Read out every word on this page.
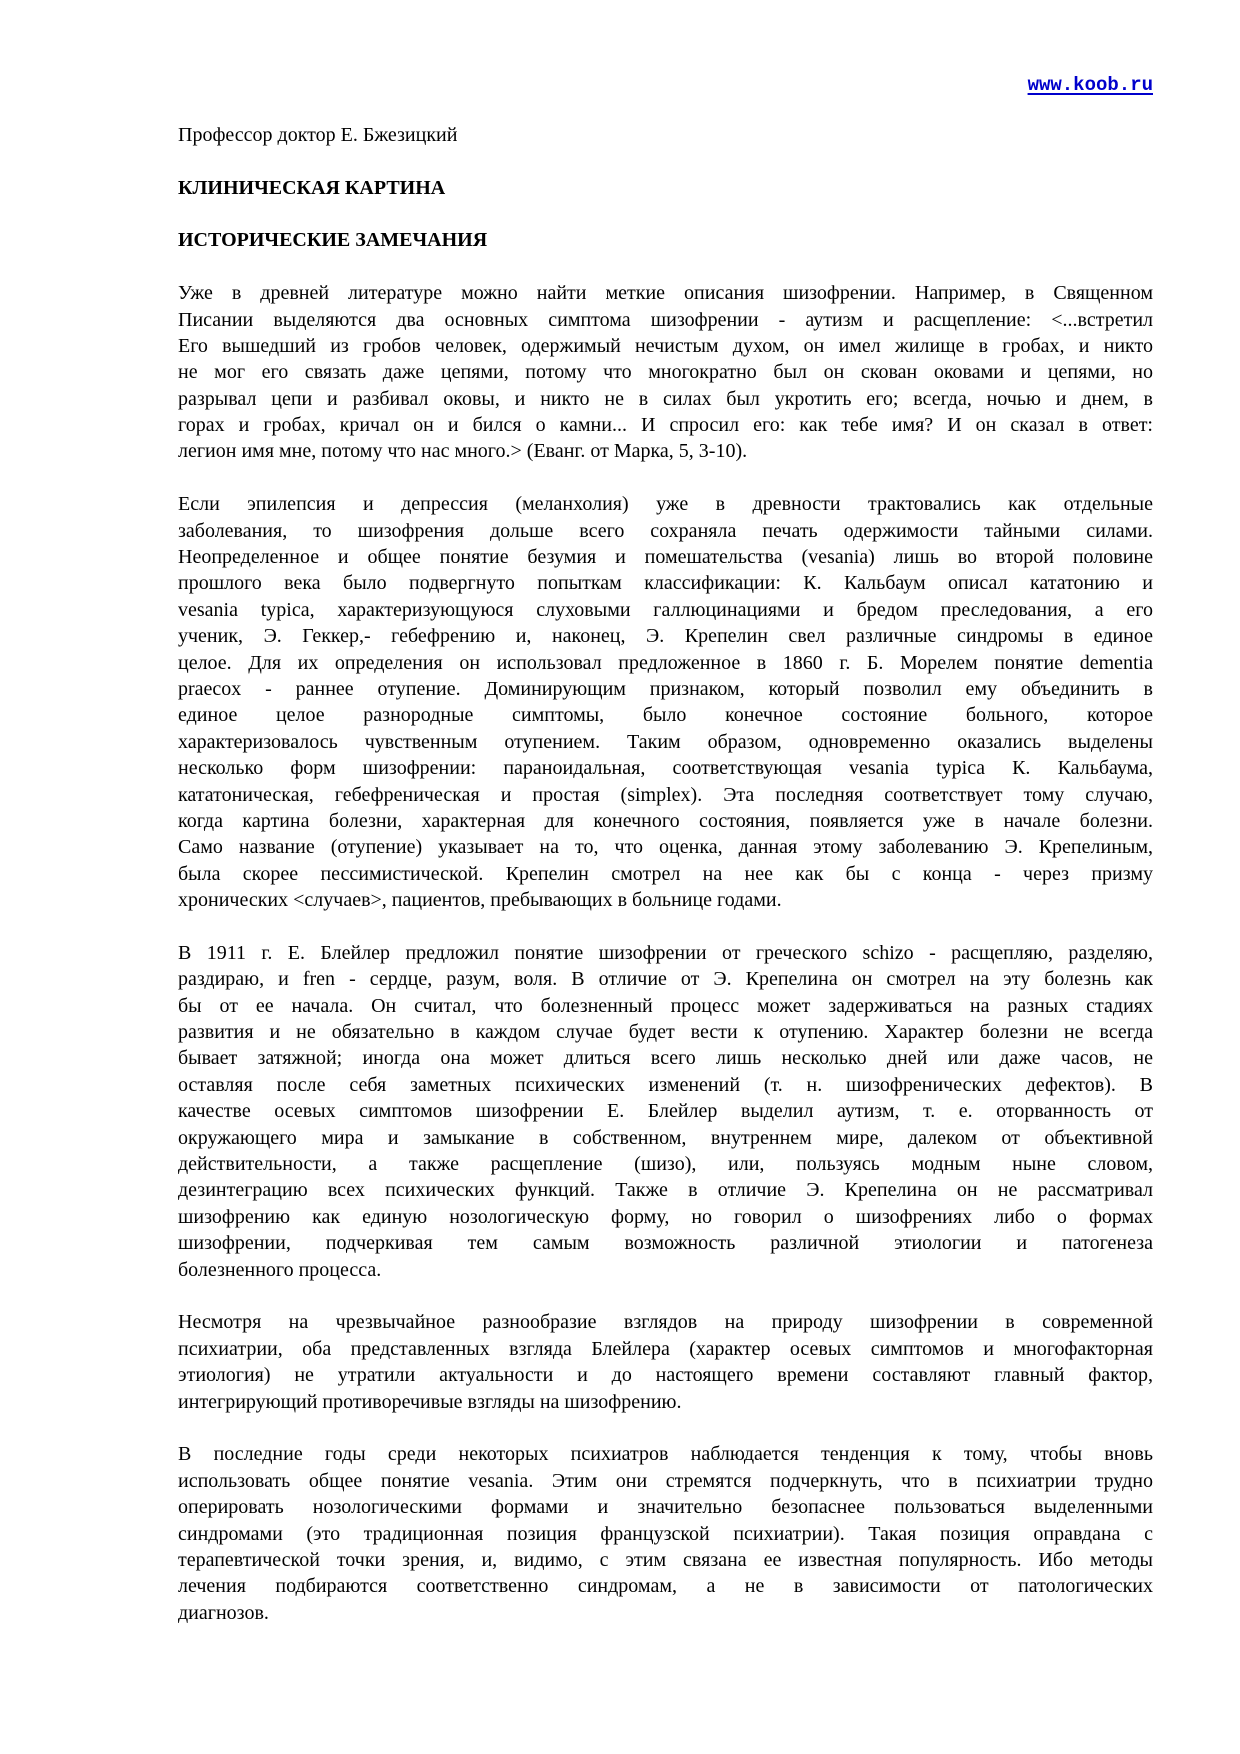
www.koob.ru
Профессор доктор Е. Бжезицкий
КЛИНИЧЕСКАЯ КАРТИНА
ИСТОРИЧЕСКИЕ ЗАМЕЧАНИЯ
Уже в древней литературе можно найти меткие описания шизофрении. Например, в Священном
Писании выделяются два основных симптома шизофрении - аутизм и расщепление: <...встретил
Его вышедший из гробов человек, одержимый нечистым духом, он имел жилище в гробах, и никто
не мог его связать даже цепями, потому что многократно был он скован оковами и цепями, но
разрывал цепи и разбивал оковы, и никто не в силах был укротить его; всегда, ночью и днем, в
горах и гробах, кричал он и бился о камни... И спросил его: как тебе имя? И он сказал в ответ:
легион имя мне, потому что нас много.> (Еванг. от Марка, 5, 3-10).
Если эпилепсия и депрессия (меланхолия) уже в древности трактовались как отдельные
заболевания, то шизофрения дольше всего сохраняла печать одержимости тайными силами.
Неопределенное и общее понятие безумия и помешательства (vesania) лишь во второй половине
прошлого века было подвергнуто попыткам классификации: К. Кальбаум описал кататонию и
vesania typica, характеризующуюся слуховыми галлюцинациями и бредом преследования, а его
ученик, Э. Геккер,- гебефрению и, наконец, Э. Крепелин свел различные синдромы в единое
целое. Для их определения он использовал предложенное в 1860 г. Б. Морелем понятие dementia
praecox - раннее отупение. Доминирующим признаком, который позволил ему объединить в
единое целое разнородные симптомы, было конечное состояние больного, которое
характеризовалось чувственным отупением. Таким образом, одновременно оказались выделены
несколько форм шизофрении: параноидальная, соответствующая vesania typica К. Кальбаума,
кататоническая, гебефреническая и простая (simplex). Эта последняя соответствует тому случаю,
когда картина болезни, характерная для конечного состояния, появляется уже в начале болезни.
Само название (отупение) указывает на то, что оценка, данная этому заболеванию Э. Крепелиным,
была скорее пессимистической. Крепелин смотрел на нее как бы с конца - через призму
хронических <случаев>, пациентов, пребывающих в больнице годами.
В 1911 г. Е. Блейлер предложил понятие шизофрении от греческого schizo - расщепляю, разделяю,
раздираю, и fren - сердце, разум, воля. В отличие от Э. Крепелина он смотрел на эту болезнь как
бы от ее начала. Он считал, что болезненный процесс может задерживаться на разных стадиях
развития и не обязательно в каждом случае будет вести к отупению. Характер болезни не всегда
бывает затяжной; иногда она может длиться всего лишь несколько дней или даже часов, не
оставляя после себя заметных психических изменений (т. н. шизофренических дефектов). В
качестве осевых симптомов шизофрении Е. Блейлер выделил аутизм, т. е. оторванность от
окружающего мира и замыкание в собственном, внутреннем мире, далеком от объективной
действительности, а также расщепление (шизо), или, пользуясь модным ныне словом,
дезинтеграцию всех психических функций. Также в отличие Э. Крепелина он не рассматривал
шизофрению как единую нозологическую форму, но говорил о шизофрениях либо о формах
шизофрении, подчеркивая тем самым возможность различной этиологии и патогенеза
болезненного процесса.
Несмотря на чрезвычайное разнообразие взглядов на природу шизофрении в современной
психиатрии, оба представленных взгляда Блейлера (характер осевых симптомов и многофакторная
этиология) не утратили актуальности и до настоящего времени составляют главный фактор,
интегрирующий противоречивые взгляды на шизофрению.
В последние годы среди некоторых психиатров наблюдается тенденция к тому, чтобы вновь
использовать общее понятие vesania. Этим они стремятся подчеркнуть, что в психиатрии трудно
оперировать нозологическими формами и значительно безопаснее пользоваться выделенными
синдромами (это традиционная позиция французской психиатрии). Такая позиция оправдана с
терапевтической точки зрения, и, видимо, с этим связана ее известная популярность. Ибо методы
лечения подбираются соответственно синдромам, а не в зависимости от патологических
диагнозов.
